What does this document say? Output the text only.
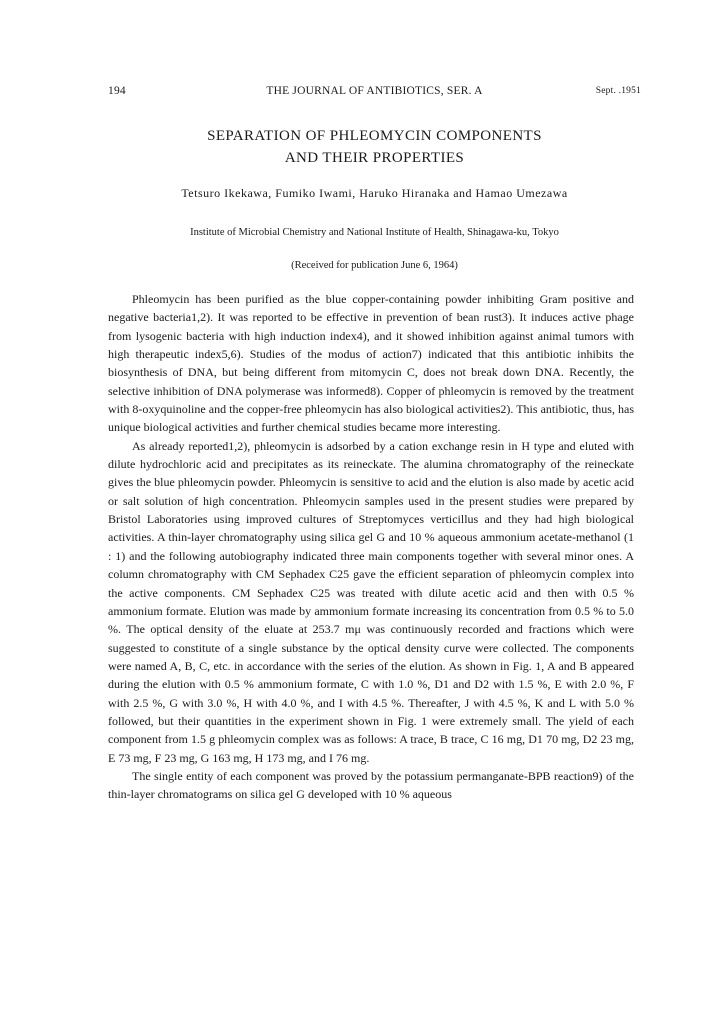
194	THE JOURNAL OF ANTIBIOTICS, SER. A	Sept. .1951
SEPARATION OF PHLEOMYCIN COMPONENTS
AND THEIR PROPERTIES
Tetsuro Ikekawa, Fumiko Iwami, Haruko Hiranaka and Hamao Umezawa
Institute of Microbial Chemistry and National Institute of Health, Shinagawa-ku, Tokyo
(Received for publication June 6, 1964)

Phleomycin has been purified as the blue copper-containing powder inhibiting Gram positive and negative bacteria1,2). It was reported to be effective in prevention of bean rust3). It induces active phage from lysogenic bacteria with high induction index4), and it showed inhibition against animal tumors with high therapeutic index5,6). Studies of the modus of action7) indicated that this antibiotic inhibits the biosynthesis of DNA, but being different from mitomycin C, does not break down DNA. Recently, the selective inhibition of DNA polymerase was informed8). Copper of phleomycin is removed by the treatment with 8-oxyquinoline and the copper-free phleomycin has also biological activities2). This antibiotic, thus, has unique biological activities and further chemical studies became more interesting.

As already reported1,2), phleomycin is adsorbed by a cation exchange resin in H type and eluted with dilute hydrochloric acid and precipitates as its reineckate. The alumina chromatography of the reineckate gives the blue phleomycin powder. Phleomycin is sensitive to acid and the elution is also made by acetic acid or salt solution of high concentration. Phleomycin samples used in the present studies were prepared by Bristol Laboratories using improved cultures of Streptomyces verticillus and they had high biological activities. A thin-layer chromatography using silica gel G and 10 % aqueous ammonium acetate-methanol (1 : 1) and the following autobiography indicated three main components together with several minor ones. A column chromatography with CM Sephadex C25 gave the efficient separation of phleomycin complex into the active components. CM Sephadex C25 was treated with dilute acetic acid and then with 0.5 % ammonium formate. Elution was made by ammonium formate increasing its concentration from 0.5 % to 5.0 %. The optical density of the eluate at 253.7 mμ was continuously recorded and fractions which were suggested to constitute of a single substance by the optical density curve were collected. The components were named A, B, C, etc. in accordance with the series of the elution. As shown in Fig. 1, A and B appeared during the elution with 0.5 % ammonium formate, C with 1.0 %, D1 and D2 with 1.5 %, E with 2.0 %, F with 2.5 %, G with 3.0 %, H with 4.0 %, and I with 4.5 %. Thereafter, J with 4.5 %, K and L with 5.0 % followed, but their quantities in the experiment shown in Fig. 1 were extremely small. The yield of each component from 1.5 g phleomycin complex was as follows: A trace, B trace, C 16 mg, D1 70 mg, D2 23 mg, E 73 mg, F 23 mg, G 163 mg, H 173 mg, and I 76 mg.

The single entity of each component was proved by the potassium permanganate-BPB reaction9) of the thin-layer chromatograms on silica gel G developed with 10 % aqueous
